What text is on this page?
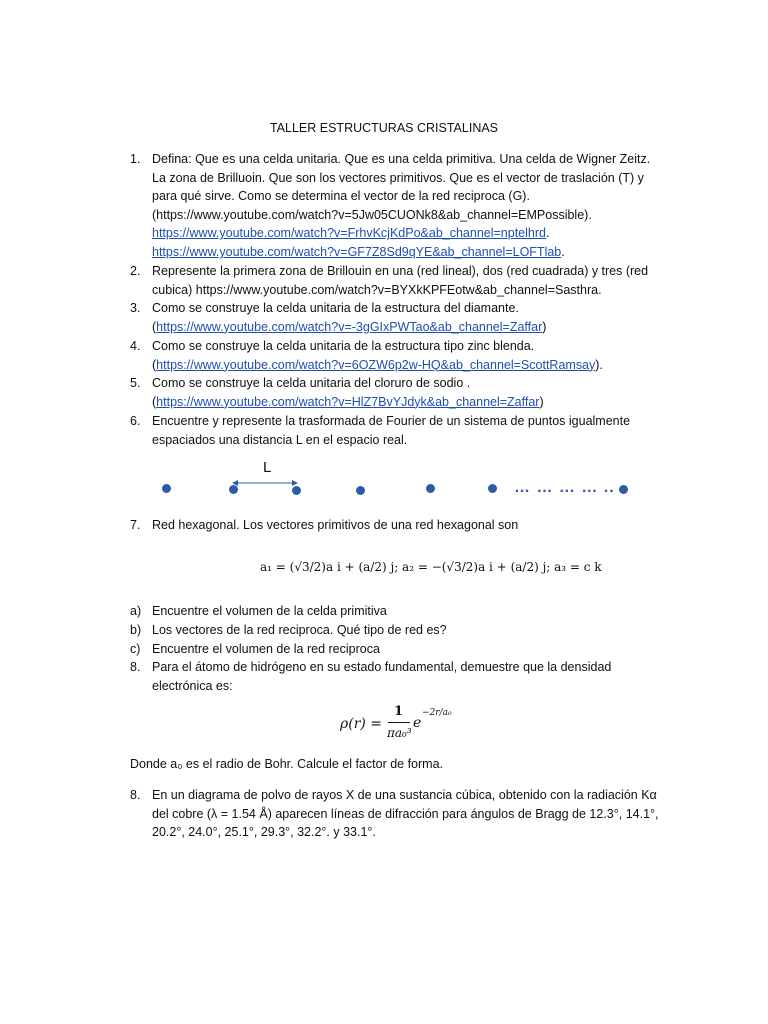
TALLER ESTRUCTURAS CRISTALINAS
1. Defina: Que es una celda unitaria. Que es una celda primitiva. Una celda de Wigner Zeitz.
La zona de Brilluoin. Que son los vectores primitivos. Que es el vector de traslación (T) y
para qué sirve. Como se determina el vector de la red reciproca (G).
(https://www.youtube.com/watch?v=5Jw05CUONk8&ab_channel=EMPossible).
https://www.youtube.com/watch?v=FrhvKcjKdPo&ab_channel=nptelhrd.
https://www.youtube.com/watch?v=GF7Z8Sd9qYE&ab_channel=LOFTlab.
2. Represente la primera zona de Brillouin en una (red lineal), dos (red cuadrada) y tres (red
cubica) https://www.youtube.com/watch?v=BYXkKPFEotw&ab_channel=Sasthra.
3. Como se construye la celda unitaria de la estructura del diamante.
(https://www.youtube.com/watch?v=-3gGIxPWTao&ab_channel=Zaffar)
4. Como se construye la celda unitaria de la estructura tipo zinc blenda.
(https://www.youtube.com/watch?v=6OZW6p2w-HQ&ab_channel=ScottRamsay).
5. Como se construye la celda unitaria del cloruro de sodio .
(https://www.youtube.com/watch?v=HlZ7BvYJdyk&ab_channel=Zaffar)
6. Encuentre y represente la trasformada de Fourier de un sistema de puntos igualmente
espaciados una distancia L en el espacio real.
L
… … … … ..
7. Red hexagonal. Los vectores primitivos de una red hexagonal son
a₁ = (√3/2)a i + (a/2) j; a₂ = −(√3/2)a i + (a/2) j; a₃ = c k
a) Encuentre el volumen de la celda primitiva
b) Los vectores de la red reciproca. Qué tipo de red es?
c) Encuentre el volumen de la red reciproca
8. Para el átomo de hidrógeno en su estado fundamental, demuestre que la densidad
electrónica es:
ρ(r) =
1
πa₀³
e
−2r/a₀
Donde a₀ es el radio de Bohr. Calcule el factor de forma.
8. En un diagrama de polvo de rayos X de una sustancia cúbica, obtenido con la radiación Kα
del cobre (λ = 1.54 Å) aparecen líneas de difracción para ángulos de Bragg de 12.3°, 14.1°,
20.2°, 24.0°, 25.1°, 29.3°, 32.2°. y 33.1°.
